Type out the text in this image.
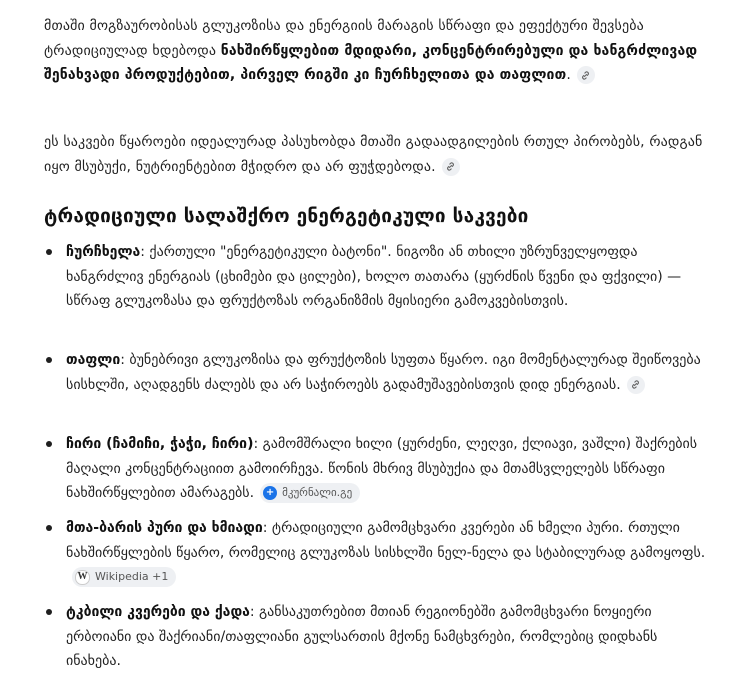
მთაში მოგზაურობისას გლუკოზისა და ენერგიის მარაგის სწრაფი და ეფექტური შევსება ტრადიციულად ხდებოდა ნახშირწყლებით მდიდარი, კონცენტრირებული და ხანგრძლივად შენახვადი პროდუქტებით, პირველ რიგში კი ჩურჩხელითა და თაფლით.

ეს საკვები წყაროები იდეალურად პასუხობდა მთაში გადაადგილების რთულ პირობებს, რადგან იყო მსუბუქი, ნუტრიენტებით მჭიდრო და არ ფუჭდებოდა.

ტრადიციული სალაშქრო ენერგეტიკული საკვები
ჩურჩხელა: ქართული "ენერგეტიკული ბატონი". ნიგოზი ან თხილი უზრუნველყოფდა ხანგრძლივ ენერგიას (ცხიმები და ცილები), ხოლო თათარა (ყურძნის წვენი და ფქვილი) — სწრაფ გლუკოზასა და ფრუქტოზას ორგანიზმის მყისიერი გამოკვებისთვის.
თაფლი: ბუნებრივი გლუკოზისა და ფრუქტოზის სუფთა წყარო. იგი მომენტალურად შეიწოვება სისხლში, აღადგენს ძალებს და არ საჭიროებს გადამუშავებისთვის დიდ ენერგიას.
ჩირი (ჩამიჩი, ჭაჭი, ჩირი): გამომშრალი ხილი (ყურძენი, ლეღვი, ქლიავი, ვაშლი) შაქრების მაღალი კონცენტრაციით გამოირჩევა. წონის მხრივ მსუბუქია და მთამსვლელებს სწრაფი ნახშირწყლებით ამარაგებს. + მკურნალი.გე
მთა-ბარის პური და ხმიადი: ტრადიციული გამომცხვარი კვერები ან ხმელი პური. რთული ნახშირწყლების წყარო, რომელიც გლუკოზას სისხლში ნელ-ნელა და სტაბილურად გამოყოფს.
W Wikipedia +1
ტკბილი კვერები და ქადა: განსაკუთრებით მთიან რეგიონებში გამომცხვარი ნოყიერი ერბოიანი და შაქრიანი/თაფლიანი გულსართის მქონე ნამცხვრები, რომლებიც დიდხანს ინახება.
